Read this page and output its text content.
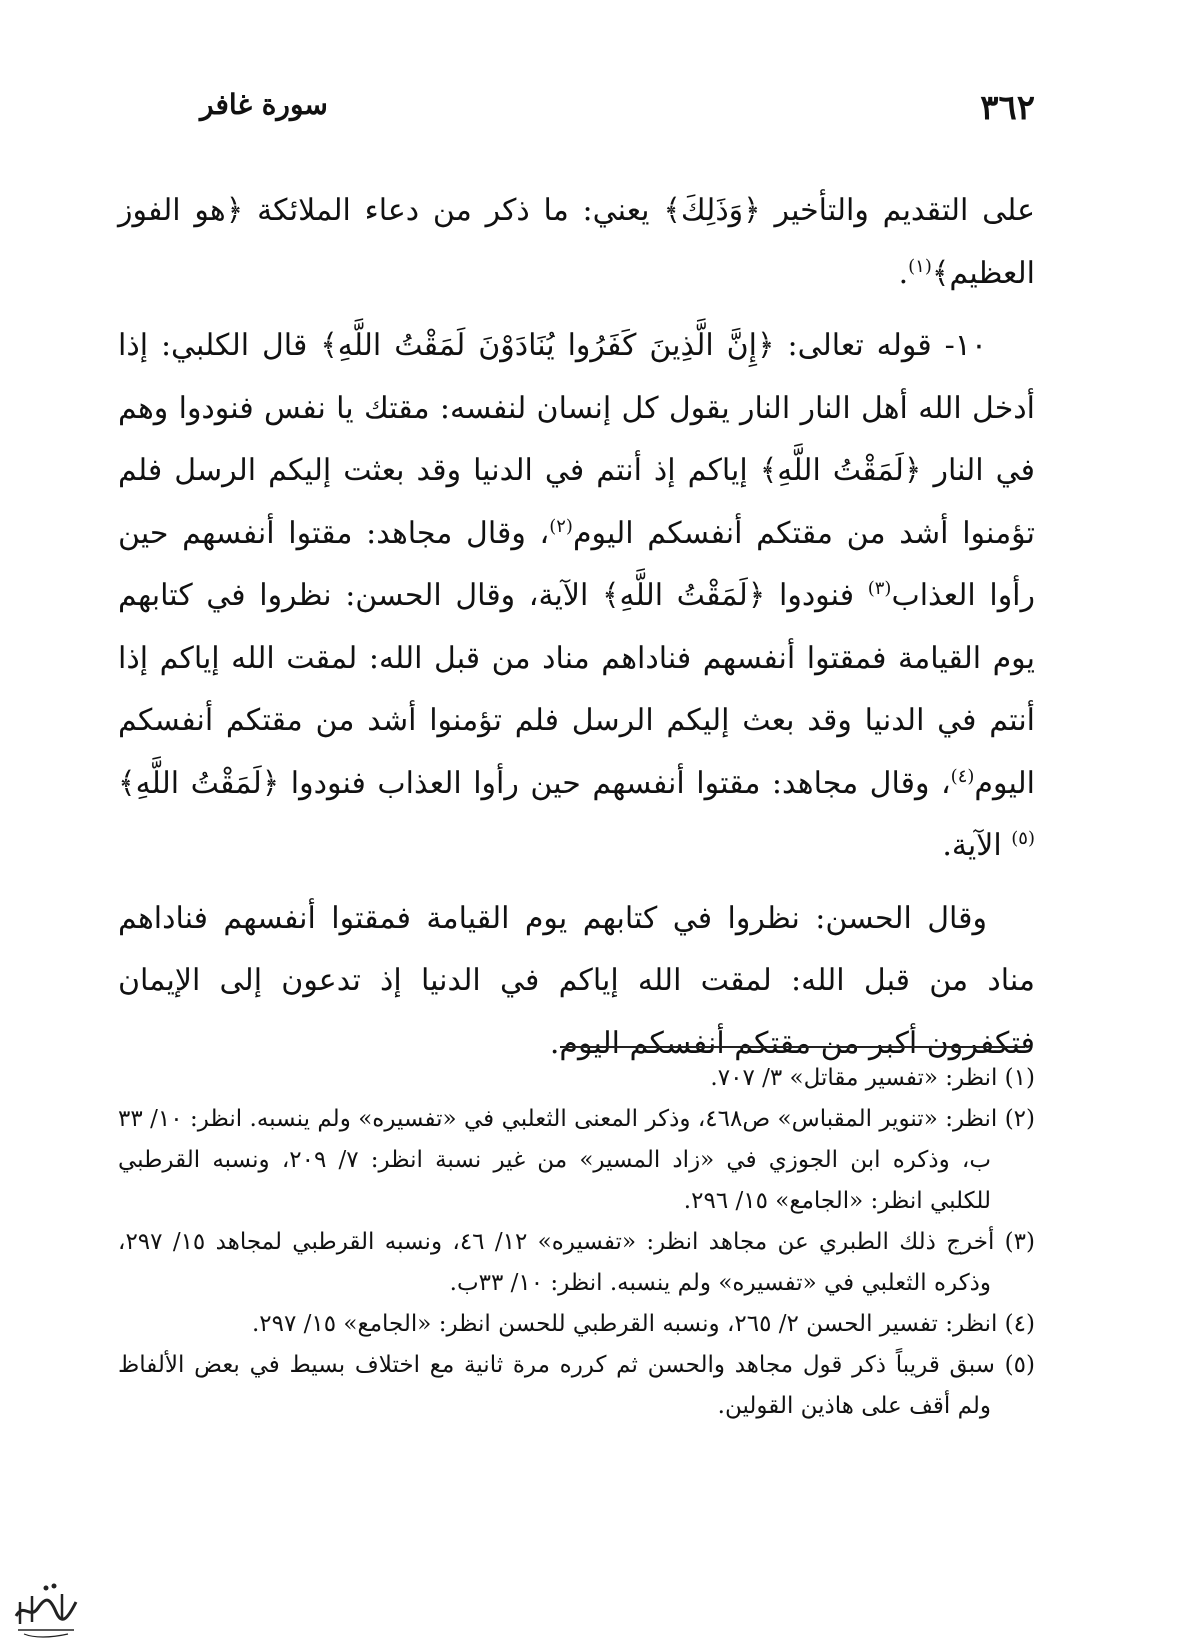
سورة غافر	٣٦٢

على التقديم والتأخير ﴿وَذَلِكَ﴾ يعني: ما ذكر من دعاء الملائكة ﴿هو الفوز العظيم﴾$^{(١)}$.

١٠- قوله تعالى: ﴿إِنَّ الَّذِينَ كَفَرُوا يُنَادَوْنَ لَمَقْتُ اللَّهِ﴾ قال الكلبي: إذا أدخل الله أهل النار النار يقول كل إنسان لنفسه: مقتك يا نفس فنودوا وهم في النار ﴿لَمَقْتُ اللَّهِ﴾ إياكم إذ أنتم في الدنيا وقد بعثت إليكم الرسل فلم تؤمنوا أشد من مقتكم أنفسكم اليوم$^{(٢)}$، وقال مجاهد: مقتوا أنفسهم حين رأوا العذاب$^{(٣)}$ فنودوا ﴿لَمَقْتُ اللَّهِ﴾ الآية، وقال الحسن: نظروا في كتابهم يوم القيامة فمقتوا أنفسهم فناداهم مناد من قبل الله: لمقت الله إياكم إذا أنتم في الدنيا وقد بعث إليكم الرسل فلم تؤمنوا أشد من مقتكم أنفسكم اليوم$^{(٤)}$، وقال مجاهد: مقتوا أنفسهم حين رأوا العذاب فنودوا ﴿لَمَقْتُ اللَّهِ﴾$^{(٥)}$ الآية.

وقال الحسن: نظروا في كتابهم يوم القيامة فمقتوا أنفسهم فناداهم مناد من قبل الله: لمقت الله إياكم في الدنيا إذ تدعون إلى الإيمان فتكفرون أكبر من مقتكم أنفسكم اليوم.

(١) انظر: «تفسير مقاتل» ٣/ ٧٠٧.

(٢) انظر: «تنوير المقباس» ص٤٦٨، وذكر المعنى الثعلبي في «تفسيره» ولم ينسبه. انظر: ١٠/ ٣٣ ب، وذكره ابن الجوزي في «زاد المسير» من غير نسبة انظر: ٧/ ٢٠٩، ونسبه القرطبي للكلبي انظر: «الجامع» ١٥/ ٢٩٦.

(٣) أخرج ذلك الطبري عن مجاهد انظر: «تفسيره» ١٢/ ٤٦، ونسبه القرطبي لمجاهد ١٥/ ٢٩٧، وذكره الثعلبي في «تفسيره» ولم ينسبه. انظر: ١٠/ ٣٣ب.

(٤) انظر: تفسير الحسن ٢/ ٢٦٥، ونسبه القرطبي للحسن انظر: «الجامع» ١٥/ ٢٩٧.

(٥) سبق قريباً ذكر قول مجاهد والحسن ثم كرره مرة ثانية مع اختلاف بسيط في بعض الألفاظ ولم أقف على هاذين القولين.
